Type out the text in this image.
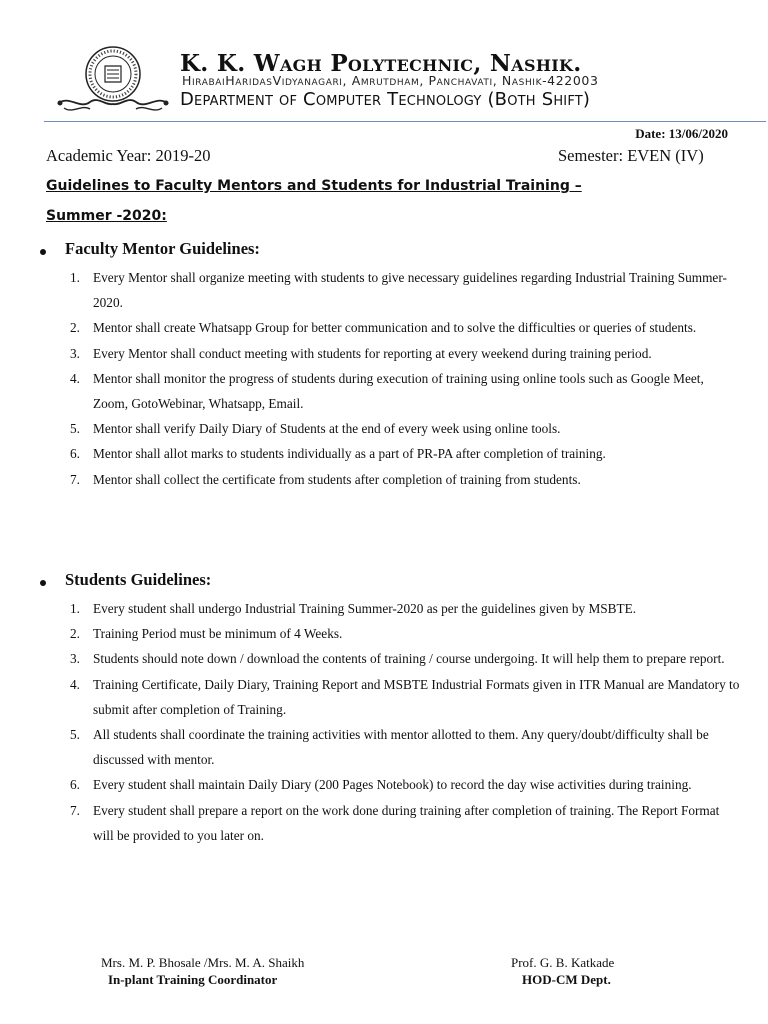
K. K. Wagh Polytechnic, Nashik.
HirabaiHaridasVidyanagari, Amrutdham, Panchavati, Nashik-422003
Department of Computer Technology (Both Shift)
Date: 13/06/2020
Academic Year: 2019-20	Semester: EVEN (IV)
Guidelines to Faculty Mentors and Students for Industrial Training –
Summer -2020:
Faculty Mentor Guidelines:
1. Every Mentor shall organize meeting with students to give necessary guidelines regarding Industrial Training Summer-2020.
2. Mentor shall create Whatsapp Group for better communication and to solve the difficulties or queries of students.
3. Every Mentor shall conduct meeting with students for reporting at every weekend during training period.
4. Mentor shall monitor the progress of students during execution of training using online tools such as Google Meet, Zoom, GotoWebinar, Whatsapp, Email.
5. Mentor shall verify Daily Diary of Students at the end of every week using online tools.
6. Mentor shall allot marks to students individually as a part of PR-PA after completion of training.
7. Mentor shall collect the certificate from students after completion of training from students.
Students Guidelines:
1. Every student shall undergo Industrial Training Summer-2020 as per the guidelines given by MSBTE.
2. Training Period must be minimum of 4 Weeks.
3. Students should note down / download the contents of training / course undergoing. It will help them to prepare report.
4. Training Certificate, Daily Diary, Training Report and MSBTE Industrial Formats given in ITR Manual are Mandatory to submit after completion of Training.
5. All students shall coordinate the training activities with mentor allotted to them. Any query/doubt/difficulty shall be discussed with mentor.
6. Every student shall maintain Daily Diary (200 Pages Notebook) to record the day wise activities during training.
7. Every student shall prepare a report on the work done during training after completion of training. The Report Format will be provided to you later on.
Mrs. M. P. Bhosale /Mrs. M. A. Shaikh
In-plant Training Coordinator
Prof. G. B. Katkade
HOD-CM Dept.
